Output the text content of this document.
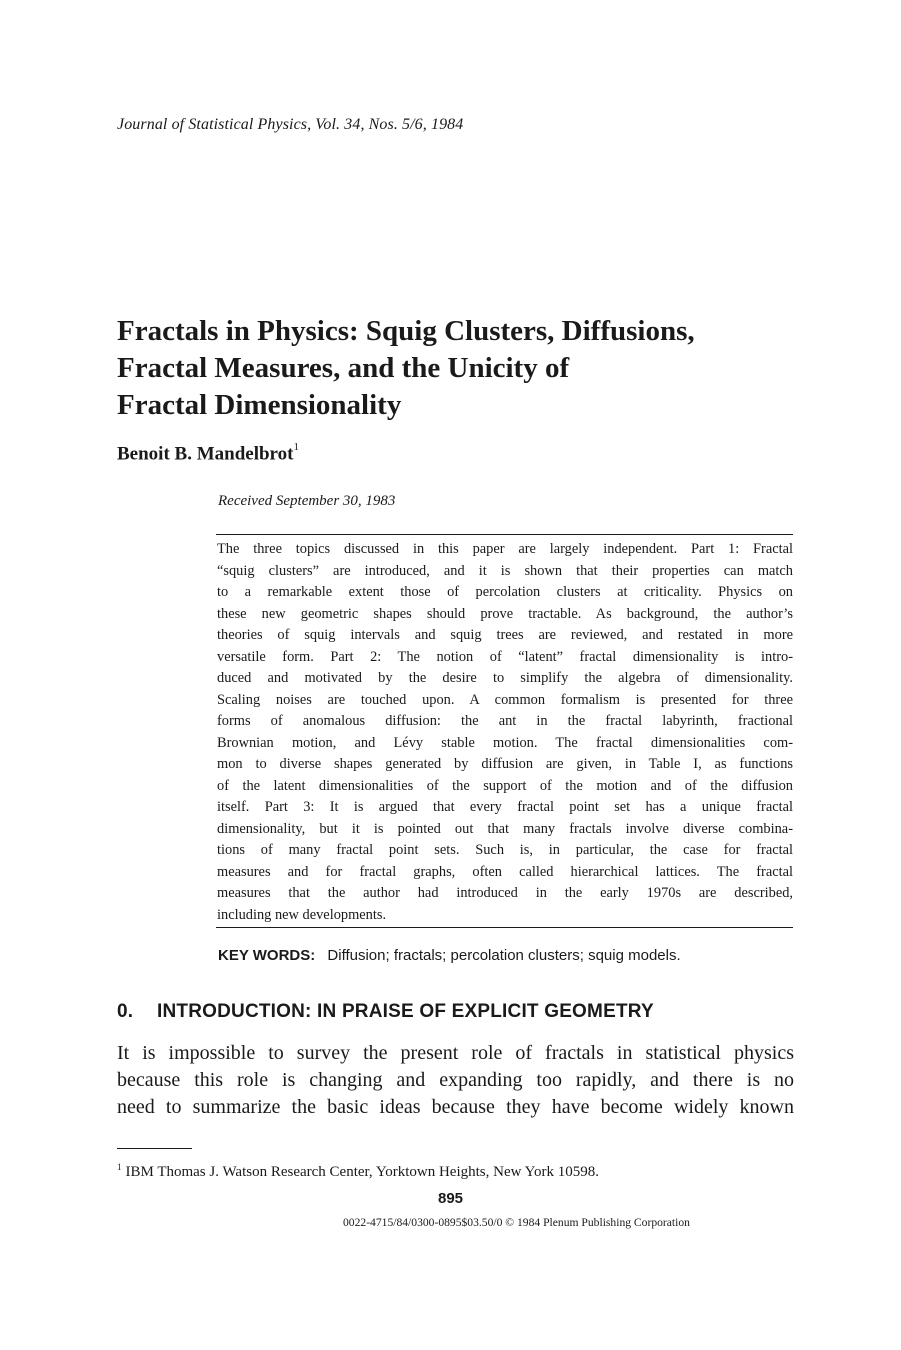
Journal of Statistical Physics, Vol. 34, Nos. 5/6, 1984
Fractals in Physics: Squig Clusters, Diffusions,
Fractal Measures, and the Unicity of
Fractal Dimensionality
Benoit B. Mandelbrot$^1$
Received September 30, 1983
The three topics discussed in this paper are largely independent. Part 1: Fractal
“squig clusters” are introduced, and it is shown that their properties can match
to a remarkable extent those of percolation clusters at criticality. Physics on
these new geometric shapes should prove tractable. As background, the author’s
theories of squig intervals and squig trees are reviewed, and restated in more
versatile form. Part 2: The notion of “latent” fractal dimensionality is intro-
duced and motivated by the desire to simplify the algebra of dimensionality.
Scaling noises are touched upon. A common formalism is presented for three
forms of anomalous diffusion: the ant in the fractal labyrinth, fractional
Brownian motion, and Lévy stable motion. The fractal dimensionalities com-
mon to diverse shapes generated by diffusion are given, in Table I, as functions
of the latent dimensionalities of the support of the motion and of the diffusion
itself. Part 3: It is argued that every fractal point set has a unique fractal
dimensionality, but it is pointed out that many fractals involve diverse combina-
tions of many fractal point sets. Such is, in particular, the case for fractal
measures and for fractal graphs, often called hierarchical lattices. The fractal
measures that the author had introduced in the early 1970s are described,
including new developments.
KEY WORDS: Diffusion; fractals; percolation clusters; squig models.
0. INTRODUCTION: IN PRAISE OF EXPLICIT GEOMETRY
It is impossible to survey the present role of fractals in statistical physics
because this role is changing and expanding too rapidly, and there is no
need to summarize the basic ideas because they have become widely known
$^1$ IBM Thomas J. Watson Research Center, Yorktown Heights, New York 10598.
895
0022-4715/84/0300-0895$03.50/0 © 1984 Plenum Publishing Corporation
